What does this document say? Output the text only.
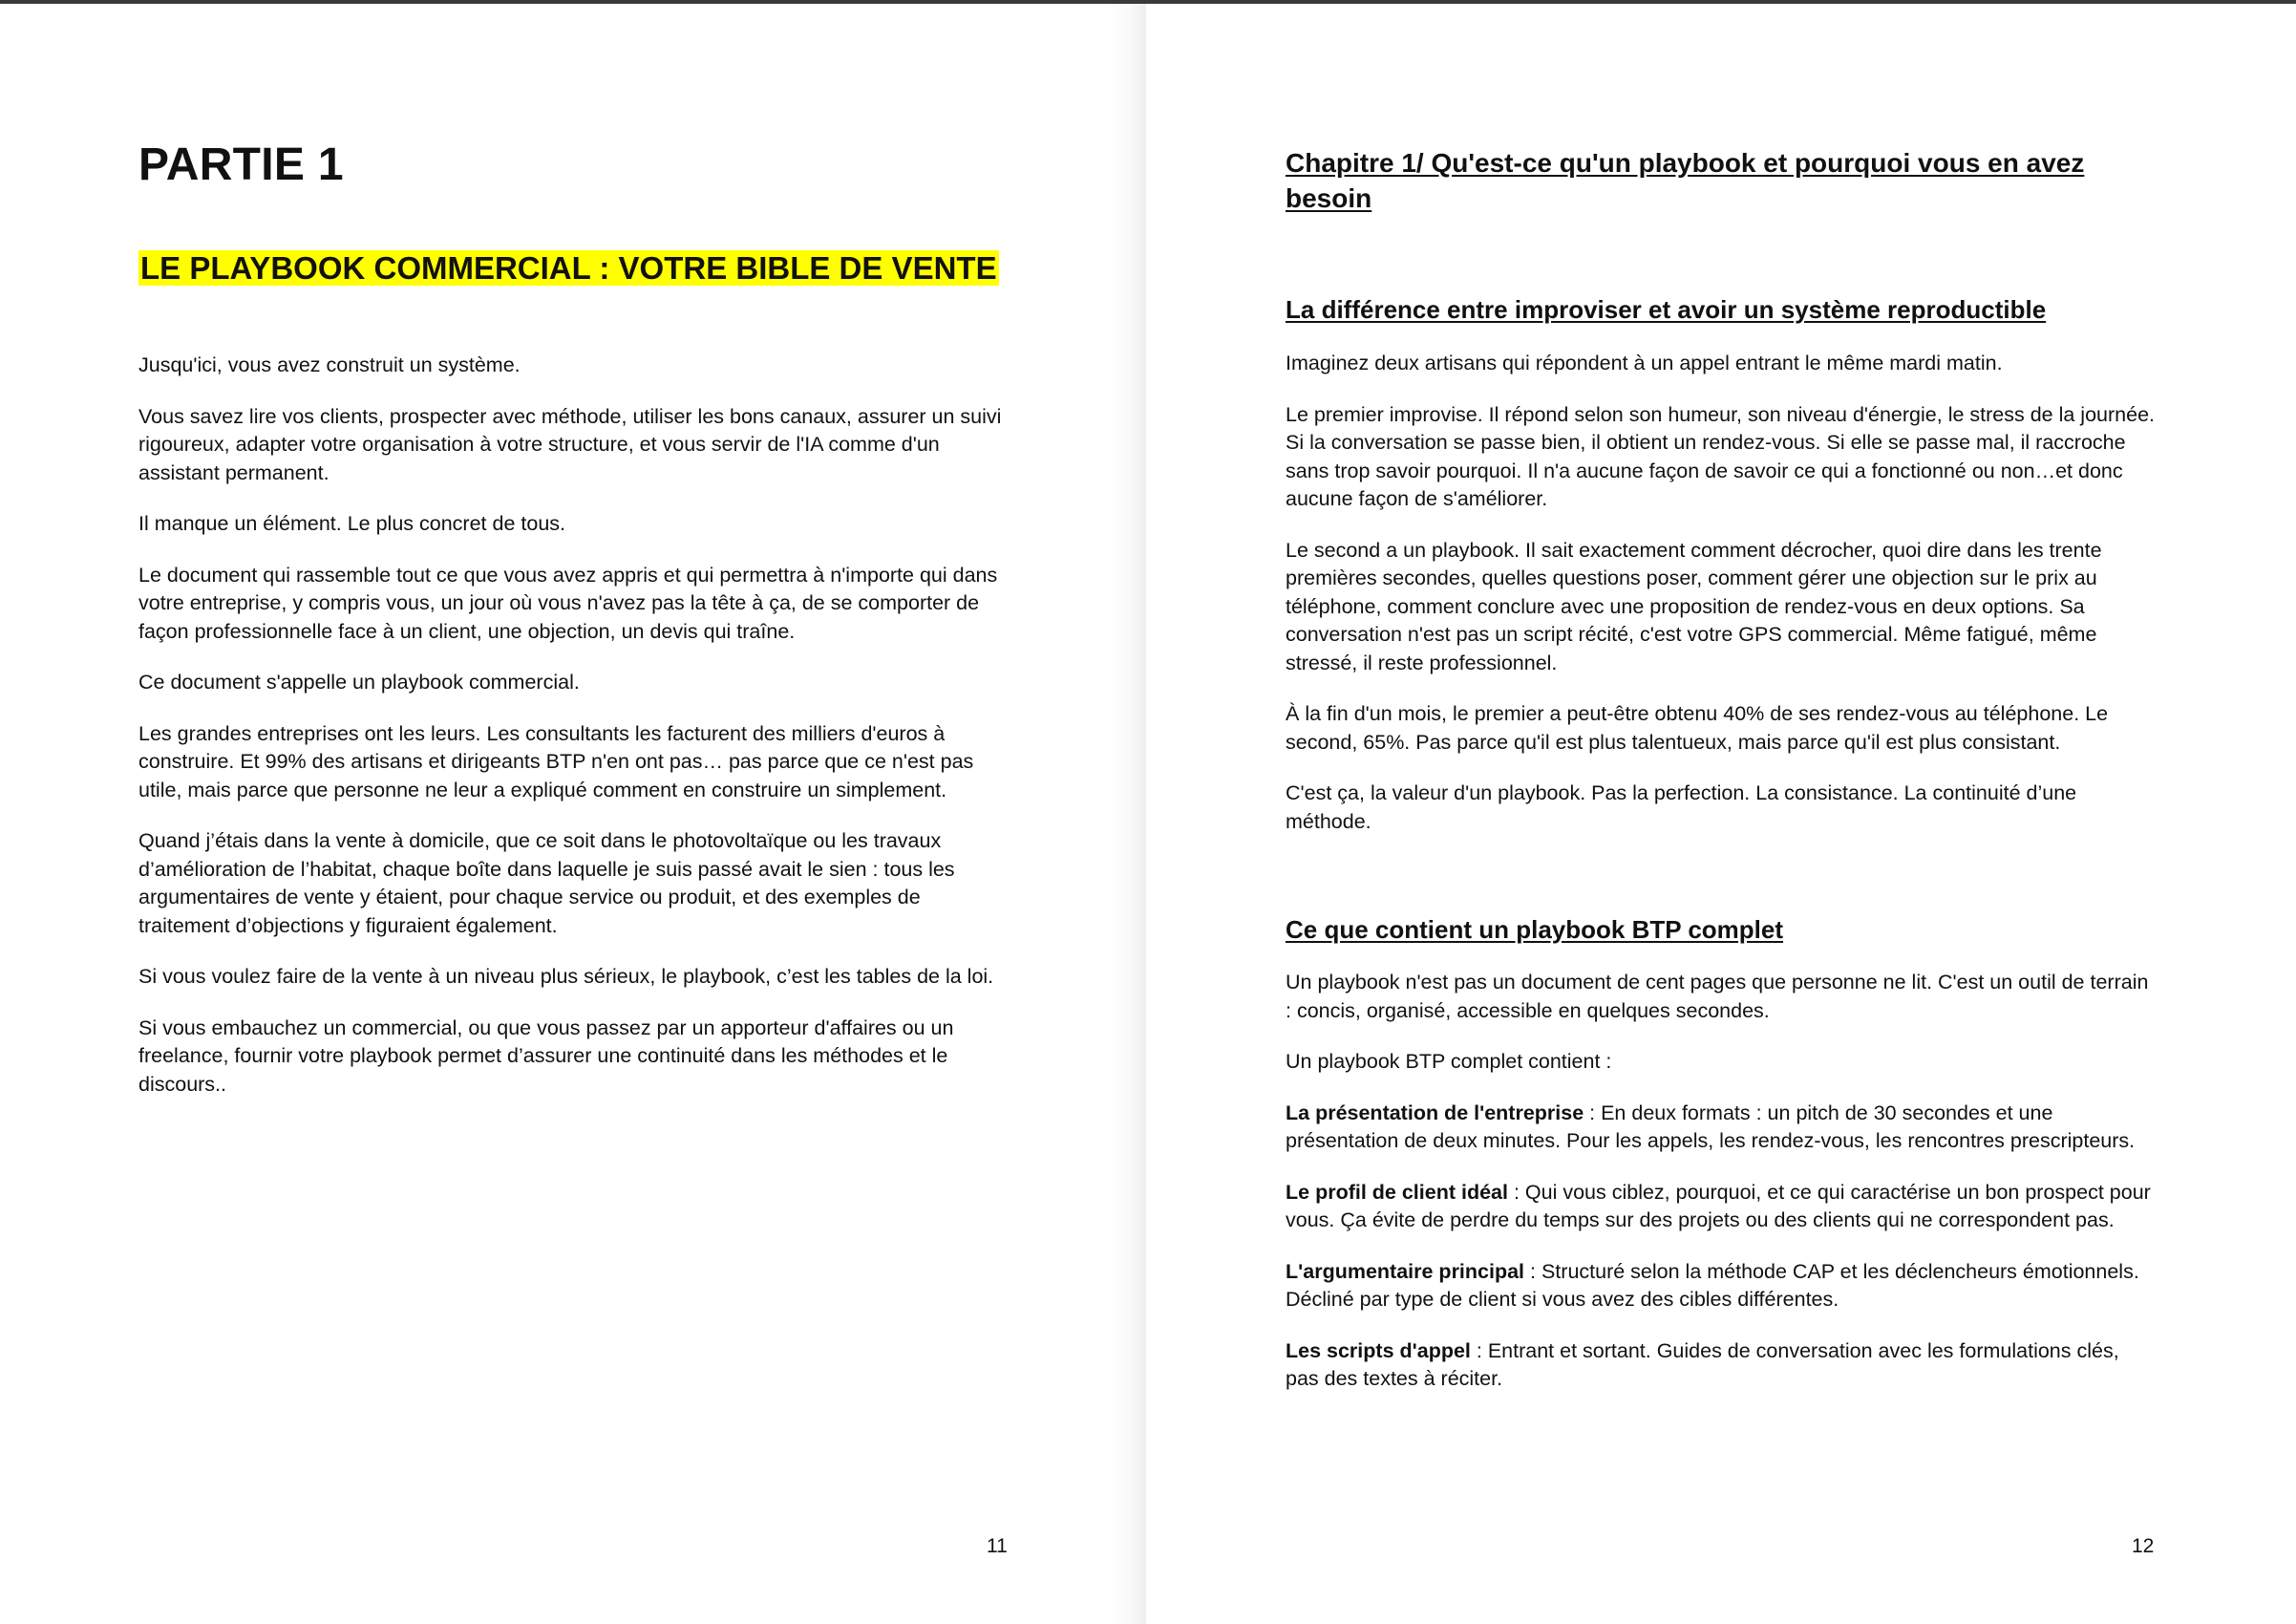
PARTIE 1
LE PLAYBOOK COMMERCIAL : VOTRE BIBLE DE VENTE

Jusqu'ici, vous avez construit un système.

Vous savez lire vos clients, prospecter avec méthode, utiliser les bons canaux, assurer un suivi rigoureux, adapter votre organisation à votre structure, et vous servir de l'IA comme d'un assistant permanent.

Il manque un élément. Le plus concret de tous.

Le document qui rassemble tout ce que vous avez appris et qui permettra à n'importe qui dans votre entreprise, y compris vous, un jour où vous n'avez pas la tête à ça, de se comporter de façon professionnelle face à un client, une objection, un devis qui traîne.

Ce document s'appelle un playbook commercial.

Les grandes entreprises ont les leurs. Les consultants les facturent des milliers d'euros à construire. Et 99% des artisans et dirigeants BTP n'en ont pas… pas parce que ce n'est pas utile, mais parce que personne ne leur a expliqué comment en construire un simplement.

Quand j’étais dans la vente à domicile, que ce soit dans le photovoltaïque ou les travaux d’amélioration de l’habitat, chaque boîte dans laquelle je suis passé avait le sien : tous les argumentaires de vente y étaient, pour chaque service ou produit, et des exemples de traitement d’objections y figuraient également.

Si vous voulez faire de la vente à un niveau plus sérieux, le playbook, c’est les tables de la loi.

Si vous embauchez un commercial, ou que vous passez par un apporteur d'affaires ou un freelance, fournir votre playbook permet d’assurer une continuité dans les méthodes et le discours..

11
Chapitre 1/ Qu'est-ce qu'un playbook et pourquoi vous en avez besoin
La différence entre improviser et avoir un système reproductible

Imaginez deux artisans qui répondent à un appel entrant le même mardi matin.

Le premier improvise. Il répond selon son humeur, son niveau d'énergie, le stress de la journée. Si la conversation se passe bien, il obtient un rendez-vous. Si elle se passe mal, il raccroche sans trop savoir pourquoi. Il n'a aucune façon de savoir ce qui a fonctionné ou non…et donc aucune façon de s'améliorer.

Le second a un playbook. Il sait exactement comment décrocher, quoi dire dans les trente premières secondes, quelles questions poser, comment gérer une objection sur le prix au téléphone, comment conclure avec une proposition de rendez-vous en deux options. Sa conversation n'est pas un script récité, c'est votre GPS commercial. Même fatigué, même stressé, il reste professionnel.

À la fin d'un mois, le premier a peut-être obtenu 40% de ses rendez-vous au téléphone. Le second, 65%. Pas parce qu'il est plus talentueux, mais parce qu'il est plus consistant.

C'est ça, la valeur d'un playbook. Pas la perfection. La consistance. La continuité d’une méthode.

Ce que contient un playbook BTP complet

Un playbook n'est pas un document de cent pages que personne ne lit. C'est un outil de terrain : concis, organisé, accessible en quelques secondes.

Un playbook BTP complet contient :

La présentation de l'entreprise : En deux formats : un pitch de 30 secondes et une présentation de deux minutes. Pour les appels, les rendez-vous, les rencontres prescripteurs.

Le profil de client idéal : Qui vous ciblez, pourquoi, et ce qui caractérise un bon prospect pour vous. Ça évite de perdre du temps sur des projets ou des clients qui ne correspondent pas.

L'argumentaire principal : Structuré selon la méthode CAP et les déclencheurs émotionnels. Décliné par type de client si vous avez des cibles différentes.

Les scripts d'appel : Entrant et sortant. Guides de conversation avec les formulations clés, pas des textes à réciter.

12
